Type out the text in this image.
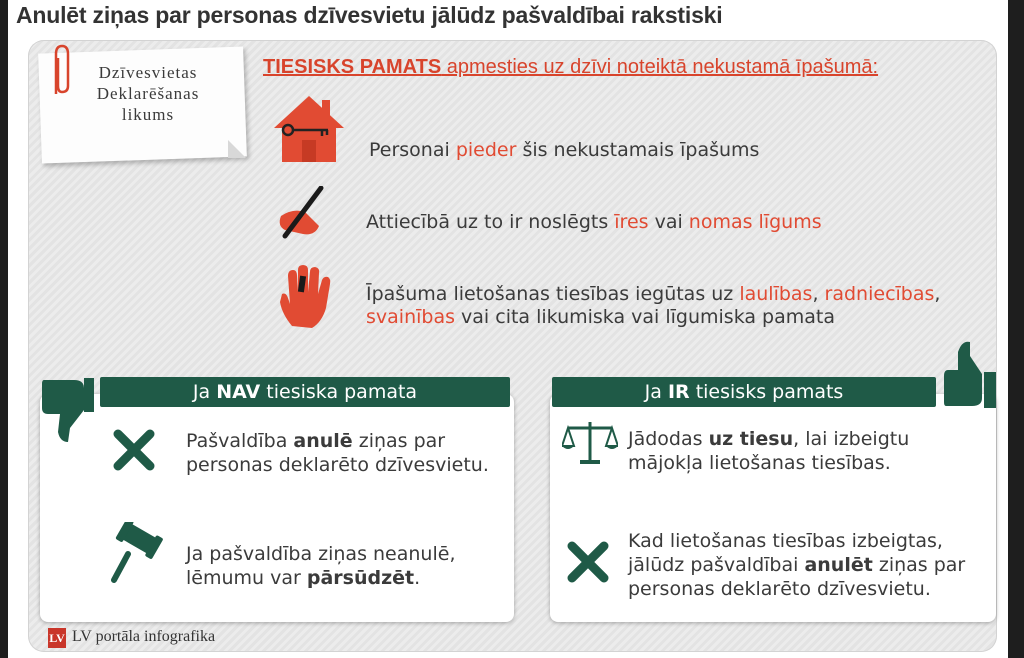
Anulēt ziņas par personas dzīvesvietu jālūdz pašvaldībai rakstiski
Dzīvesvietas
Deklarēšanas
likums
TIESISKS PAMATS apmesties uz dzīvi noteiktā nekustamā īpašumā:
Personai pieder šis nekustamais īpašums
Attiecībā uz to ir noslēgts īres vai nomas līgums
Īpašuma lietošanas tiesības iegūtas uz laulības, radniecības,
svainības vai cita likumiska vai līgumiska pamata
Ja NAV tiesiska pamata
Pašvaldība anulē ziņas par
personas deklarēto dzīvesvietu.
Ja pašvaldība ziņas neanulē,
lēmumu var pārsūdzēt.
Ja IR tiesisks pamats
Jādodas uz tiesu, lai izbeigtu
mājokļa lietošanas tiesības.
Kad lietošanas tiesības izbeigtas,
jālūdz pašvaldībai anulēt ziņas par
personas deklarēto dzīvesvietu.
LV LV portāla infografika
